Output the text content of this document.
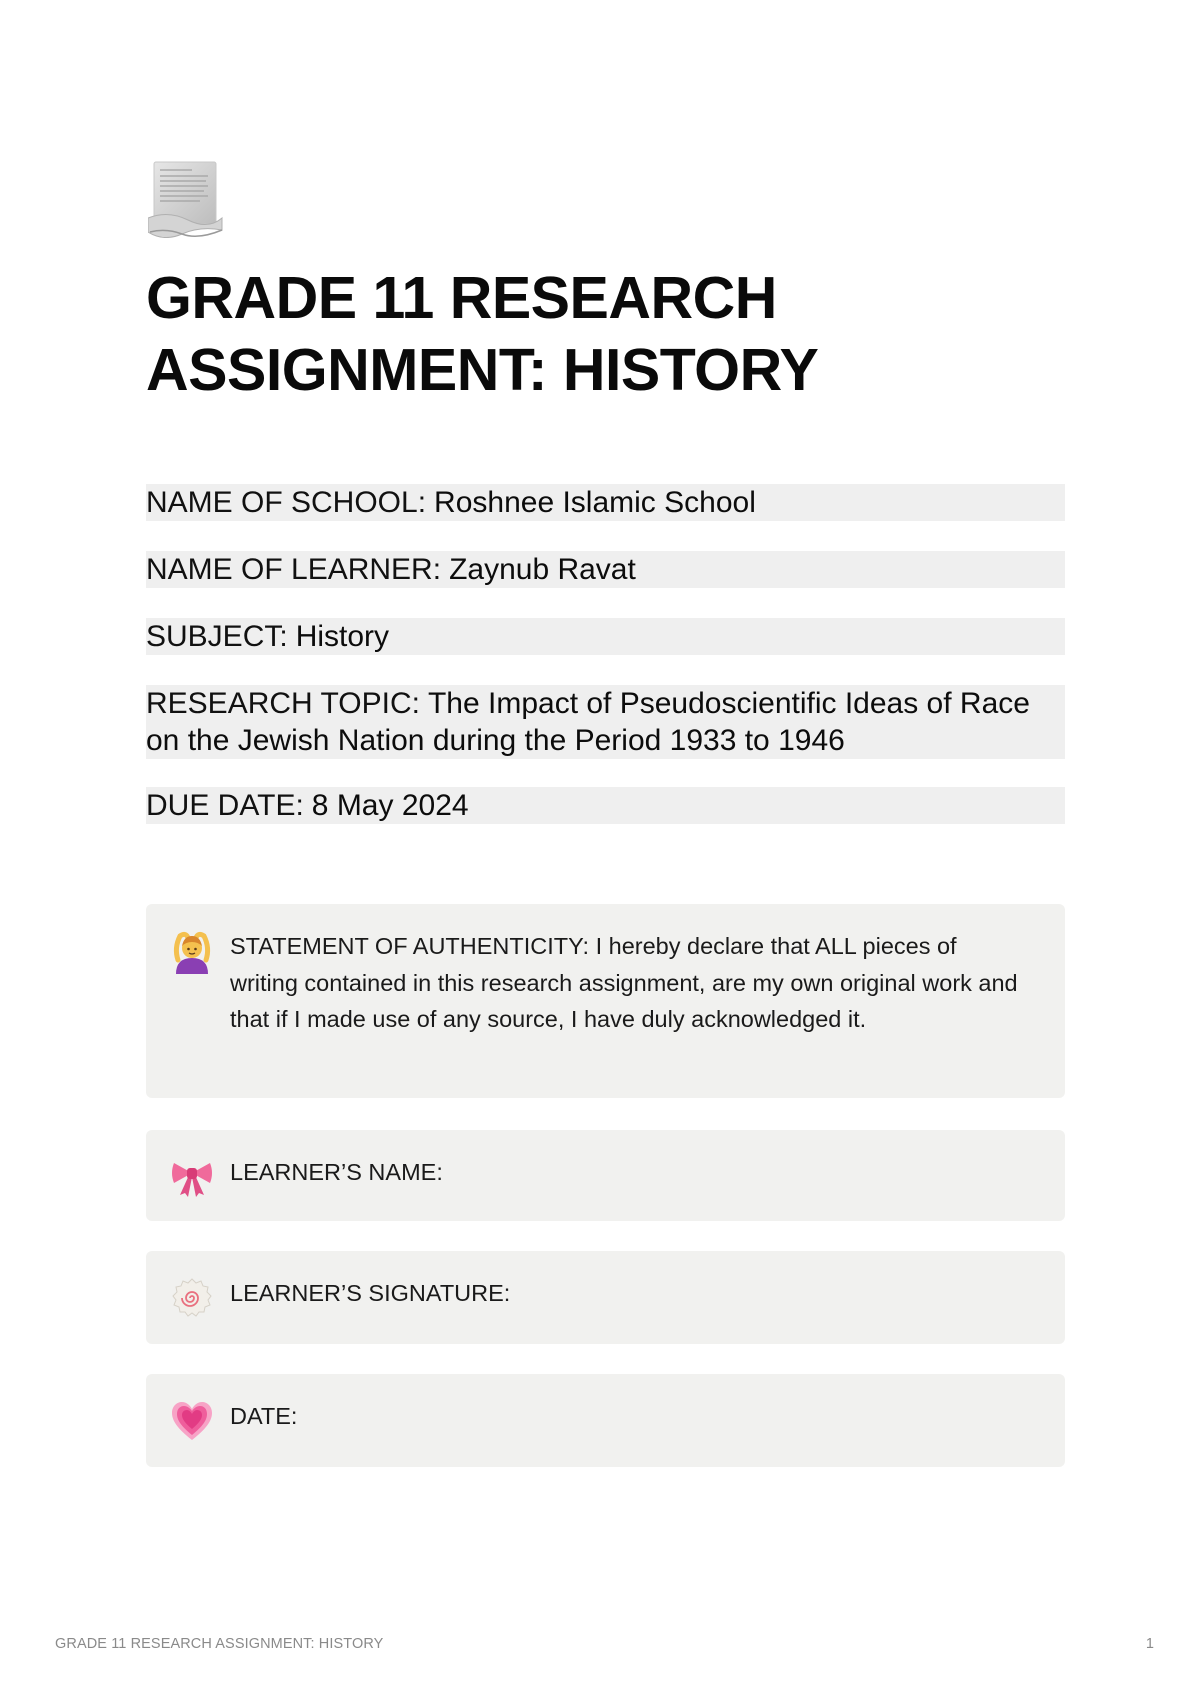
GRADE 11 RESEARCH ASSIGNMENT: HISTORY
NAME OF SCHOOL: Roshnee Islamic School
NAME OF LEARNER: Zaynub Ravat
SUBJECT: History
RESEARCH TOPIC: The Impact of Pseudoscientific Ideas of Race on the Jewish Nation during the Period 1933 to 1946
DUE DATE: 8 May 2024
STATEMENT OF AUTHENTICITY: I hereby declare that ALL pieces of writing contained in this research assignment, are my own original work and that if I made use of any source, I have duly acknowledged it.
LEARNER’S NAME:
LEARNER’S SIGNATURE:
DATE:
GRADE 11 RESEARCH ASSIGNMENT: HISTORY	1
